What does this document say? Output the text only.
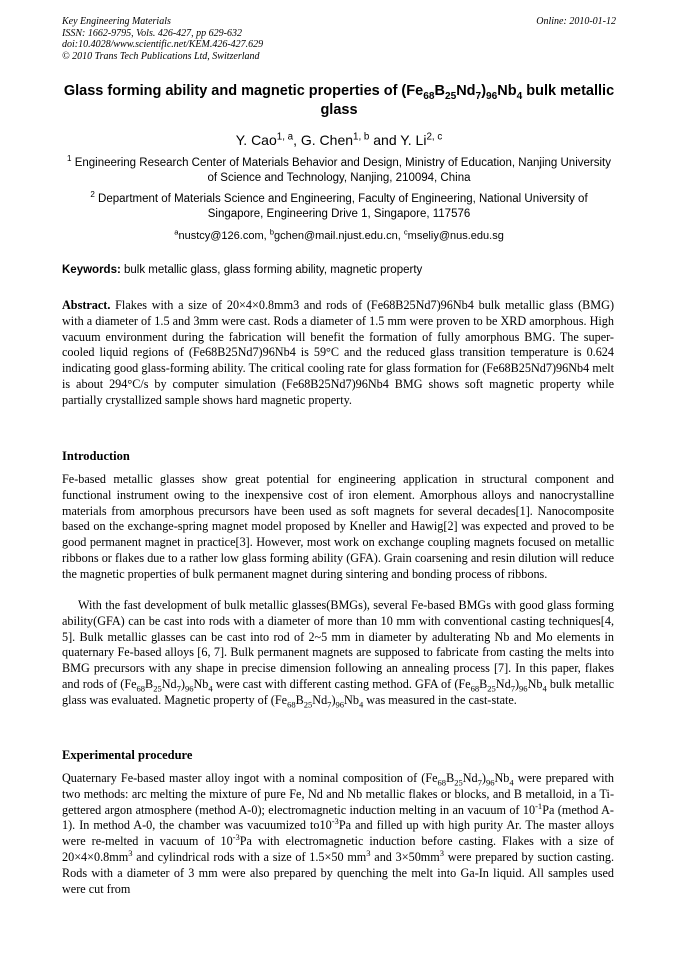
Key Engineering Materials
ISSN: 1662-9795, Vols. 426-427, pp 629-632
doi:10.4028/www.scientific.net/KEM.426-427.629
© 2010 Trans Tech Publications Ltd, Switzerland
Online: 2010-01-12
Glass forming ability and magnetic properties of $(Fe_{68}B_{25}Nd_7)_{96}Nb_4$ bulk metallic glass
Y. Cao$^{1, a}$, G. Chen$^{1, b}$ and Y. Li$^{2, c}$
$^1$ Engineering Research Center of Materials Behavior and Design, Ministry of Education, Nanjing University of Science and Technology, Nanjing, 210094, China
$^2$ Department of Materials Science and Engineering, Faculty of Engineering, National University of Singapore, Engineering Drive 1, Singapore, 117576
$^a$nustcy@126.com, $^b$gchen@mail.njust.edu.cn, $^c$mseliy@nus.edu.sg
Keywords: bulk metallic glass, glass forming ability, magnetic property
Abstract. Flakes with a size of 20×4×0.8mm3 and rods of (Fe68B25Nd7)96Nb4 bulk metallic glass (BMG) with a diameter of 1.5 and 3mm were cast. Rods a diameter of 1.5 mm were proven to be XRD amorphous. High vacuum environment during the fabrication will benefit the formation of fully amorphous BMG. The super-cooled liquid regions of (Fe68B25Nd7)96Nb4 is 59°C and the reduced glass transition temperature is 0.624 indicating good glass-forming ability. The critical cooling rate for glass formation for (Fe68B25Nd7)96Nb4 melt is about 294°C/s by computer simulation (Fe68B25Nd7)96Nb4 BMG shows soft magnetic property while partially crystallized sample shows hard magnetic property.
Introduction
Fe-based metallic glasses show great potential for engineering application in structural component and functional instrument owing to the inexpensive cost of iron element. Amorphous alloys and nanocrystalline materials from amorphous precursors have been used as soft magnets for several decades[1]. Nanocomposite based on the exchange-spring magnet model proposed by Kneller and Hawig[2] was expected and proved to be good permanent magnet in practice[3]. However, most work on exchange coupling magnets focused on metallic ribbons or flakes due to a rather low glass forming ability (GFA). Grain coarsening and resin dilution will reduce the magnetic properties of bulk permanent magnet during sintering and bonding process of ribbons.
With the fast development of bulk metallic glasses(BMGs), several Fe-based BMGs with good glass forming ability(GFA) can be cast into rods with a diameter of more than 10 mm with conventional casting techniques[4, 5]. Bulk metallic glasses can be cast into rod of 2~5 mm in diameter by adulterating Nb and Mo elements in quaternary Fe-based alloys [6, 7]. Bulk permanent magnets are supposed to fabricate from casting the melts into BMG precursors with any shape in precise dimension following an annealing process [7]. In this paper, flakes and rods of $(Fe_{68}B_{25}Nd_7)_{96}Nb_4$ were cast with different casting method. GFA of $(Fe_{68}B_{25}Nd_7)_{96}Nb_4$ bulk metallic glass was evaluated. Magnetic property of $(Fe_{68}B_{25}Nd_7)_{96}Nb_4$ was measured in the cast-state.
Experimental procedure
Quaternary Fe-based master alloy ingot with a nominal composition of $(Fe_{68}B_{25}Nd_7)_{96}Nb_4$ were prepared with two methods: arc melting the mixture of pure Fe, Nd and Nb metallic flakes or blocks, and B metalloid, in a Ti-gettered argon atmosphere (method A-0); electromagnetic induction melting in an vacuum of $10^{-1}Pa$ (method A-1). In method A-0, the chamber was vacuumized $to10^{-3}Pa$ and filled up with high purity Ar. The master alloys were re-melted in vacuum of $10^{-3}Pa$ with electromagnetic induction before casting. Flakes with a size of $20\times 4\times 0.8mm^3$ and cylindrical rods with a size of 1.5×50 $mm^3$ and $3\times 50mm^3$ were prepared by suction casting. Rods with a diameter of 3 mm were also prepared by quenching the melt into Ga-In liquid. All samples used were cut from
